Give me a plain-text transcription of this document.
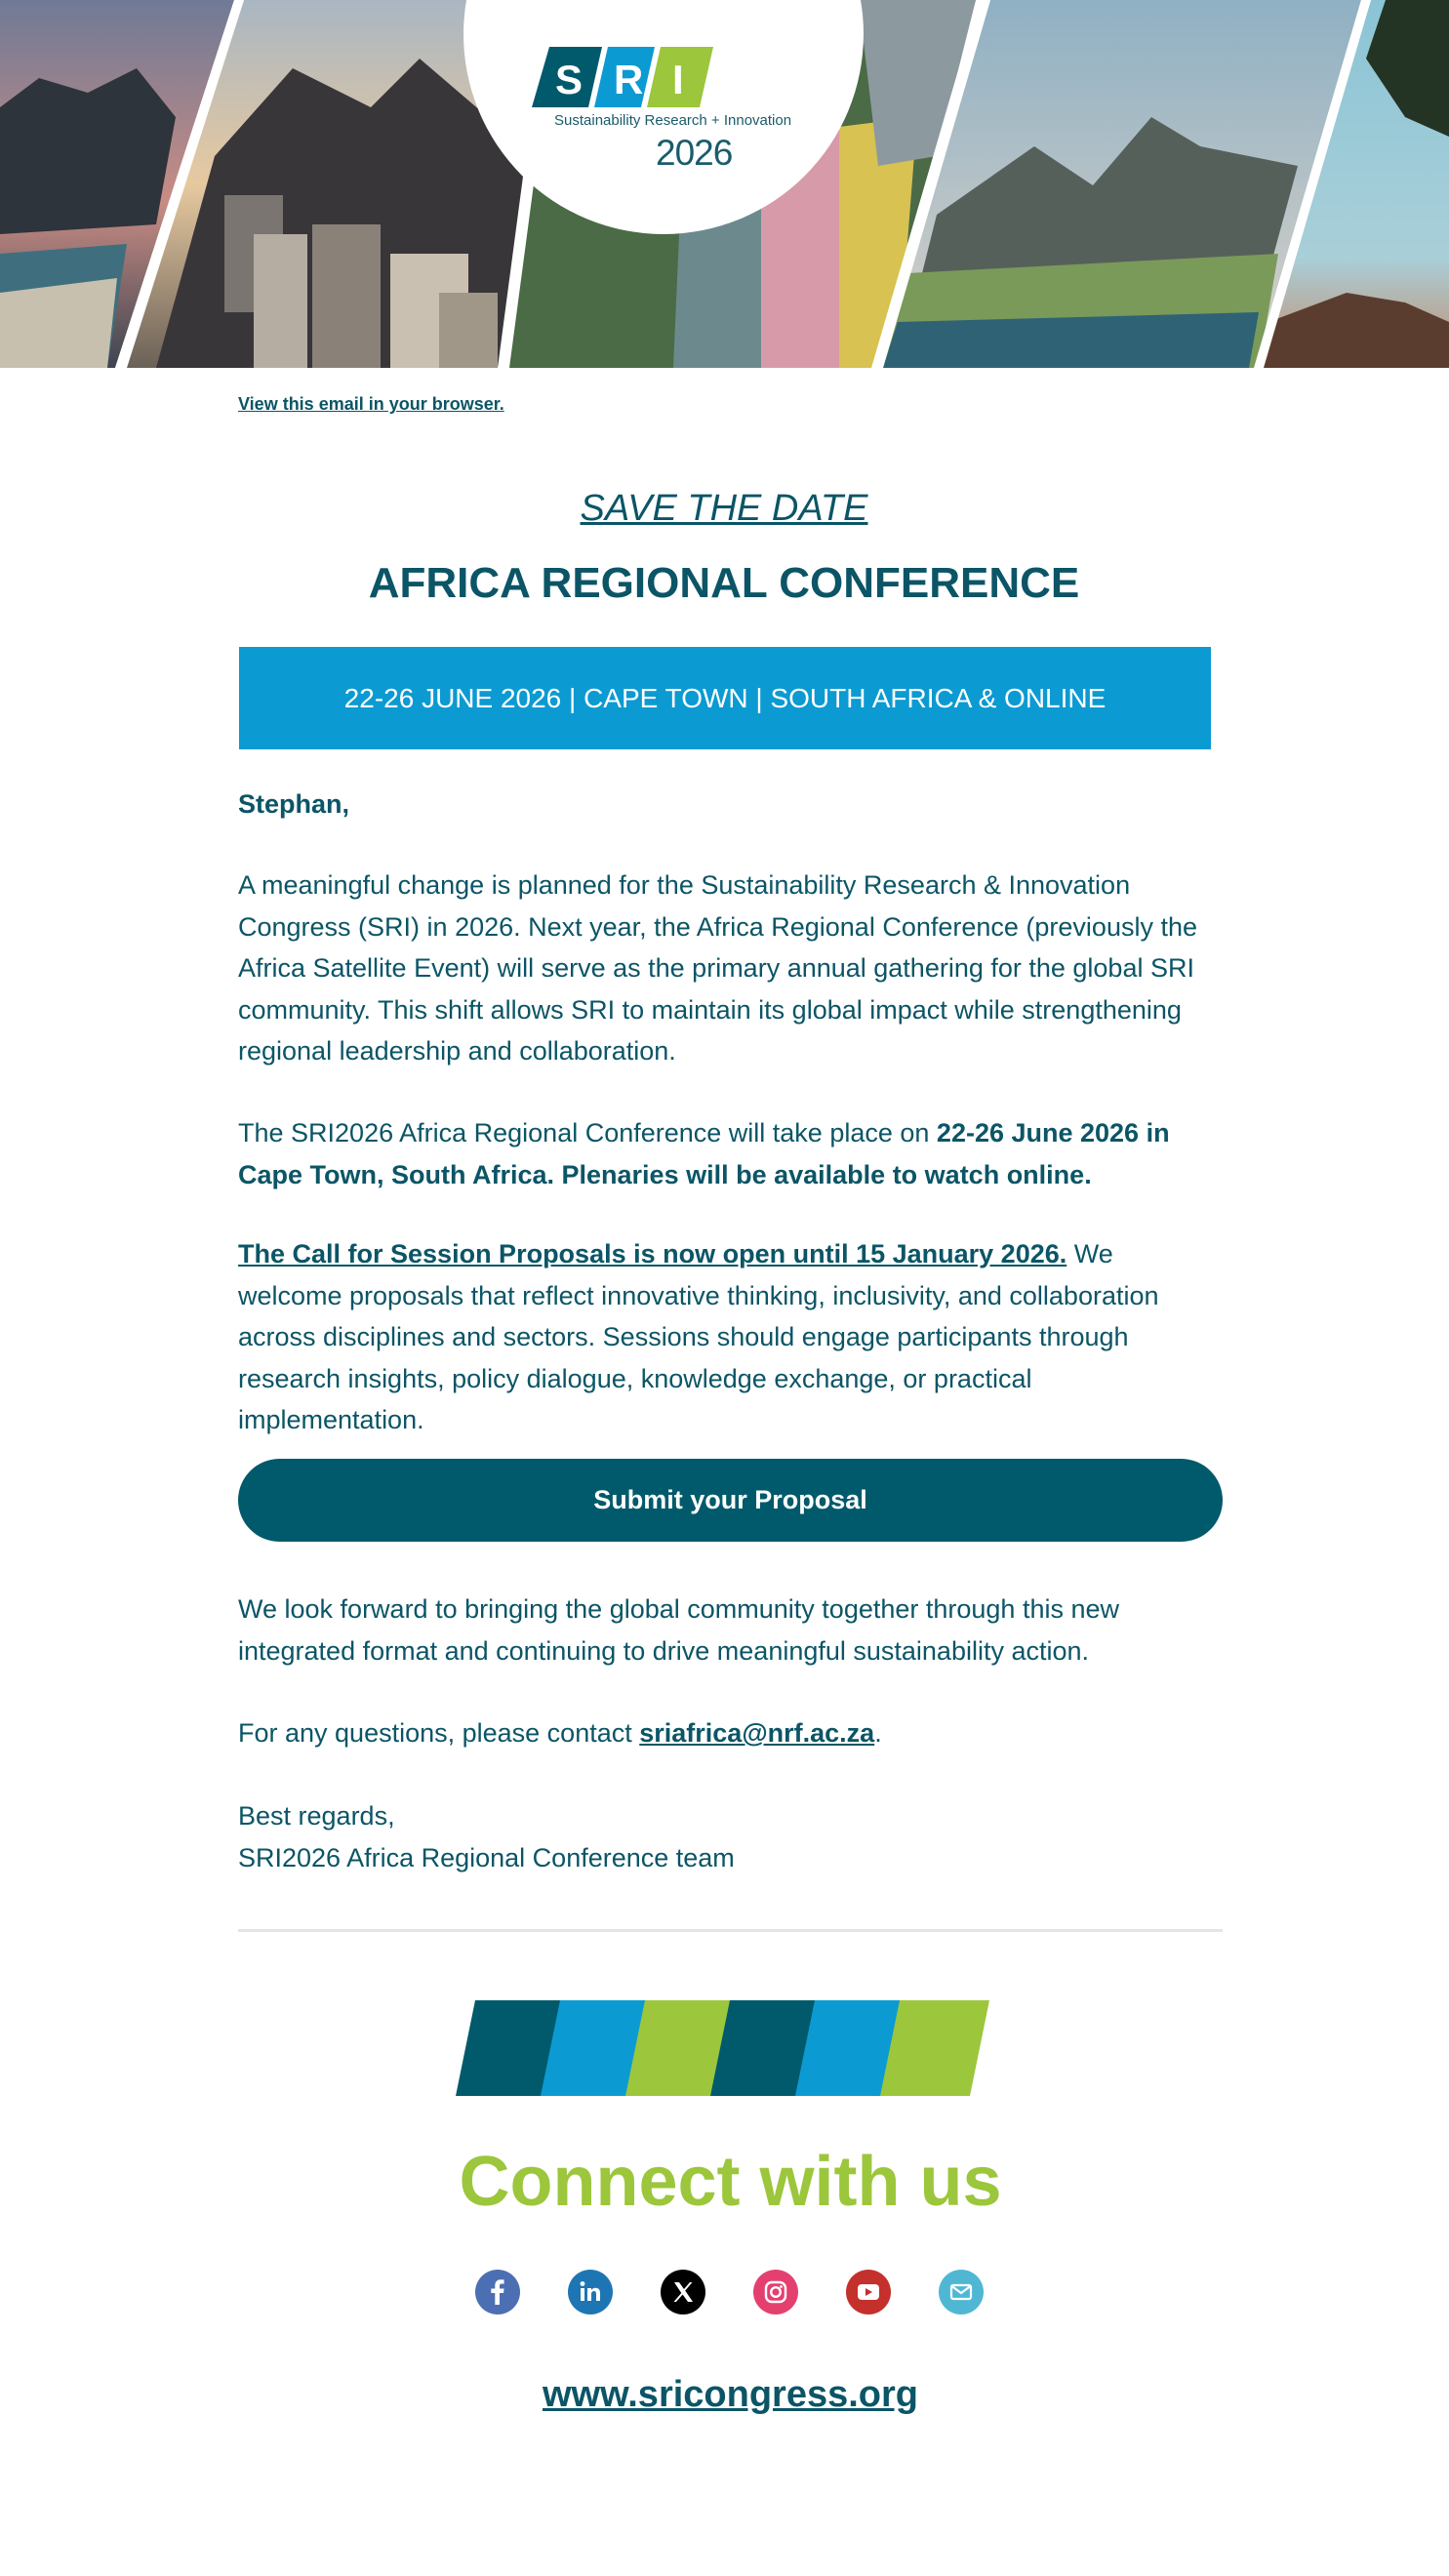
S R I
Sustainability Research + Innovation
2026
View this email in your browser.
SAVE THE DATE
AFRICA REGIONAL CONFERENCE
22-26 JUNE 2026 | CAPE TOWN | SOUTH AFRICA & ONLINE
Stephan,
A meaningful change is planned for the Sustainability Research & Innovation Congress (SRI) in 2026. Next year, the Africa Regional Conference (previously the Africa Satellite Event) will serve as the primary annual gathering for the global SRI community. This shift allows SRI to maintain its global impact while strengthening regional leadership and collaboration.
The SRI2026 Africa Regional Conference will take place on 22-26 June 2026 in Cape Town, South Africa. Plenaries will be available to watch online.
The Call for Session Proposals is now open until 15 January 2026. We welcome proposals that reflect innovative thinking, inclusivity, and collaboration across disciplines and sectors. Sessions should engage participants through research insights, policy dialogue, knowledge exchange, or practical implementation.
Submit your Proposal
We look forward to bringing the global community together through this new integrated format and continuing to drive meaningful sustainability action.
For any questions, please contact sriafrica@nrf.ac.za.
Best regards,
SRI2026 Africa Regional Conference team
Connect with us
www.sricongress.org
